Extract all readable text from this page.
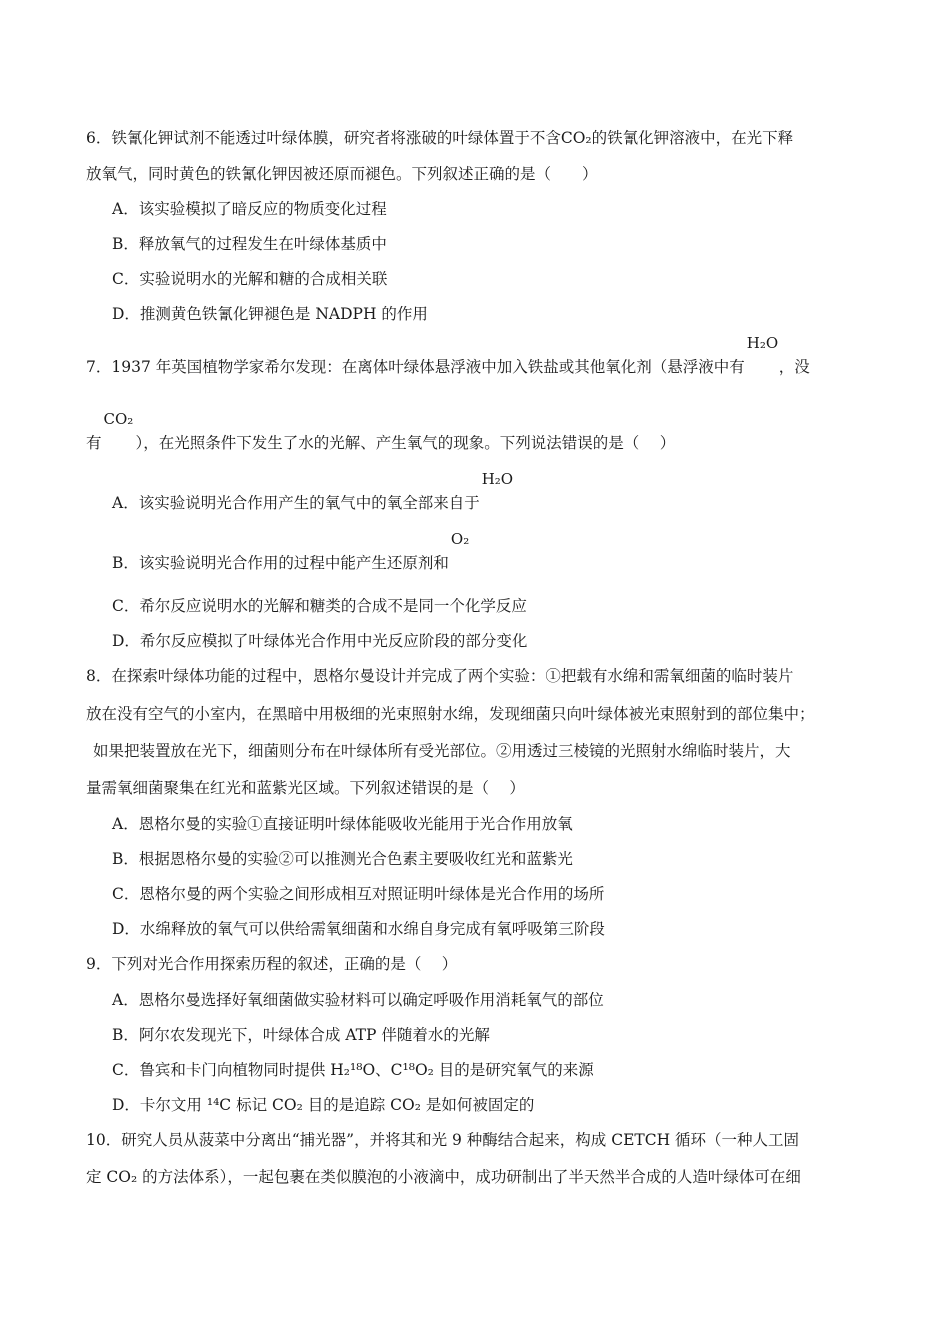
6．铁氰化钾试剂不能透过叶绿体膜，研究者将涨破的叶绿体置于不含CO₂的铁氰化钾溶液中，在光下释
放氧气，同时黄色的铁氰化钾因被还原而褪色。下列叙述正确的是（　　）
A．该实验模拟了暗反应的物质变化过程
B．释放氧气的过程发生在叶绿体基质中
C．实验说明水的光解和糖的合成相关联
D．推测黄色铁氰化钾褪色是 NADPH 的作用
7．1937 年英国植物学家希尔发现：在离体叶绿体悬浮液中加入铁盐或其他氧化剂（悬浮液中有
H₂O
，没
有
CO₂
），在光照条件下发生了水的光解、产生氧气的现象。下列说法错误的是（　 ）
A．该实验说明光合作用产生的氧气中的氧全部来自于
H₂O
B．该实验说明光合作用的过程中能产生还原剂和
O₂
C．希尔反应说明水的光解和糖类的合成不是同一个化学反应
D．希尔反应模拟了叶绿体光合作用中光反应阶段的部分变化
8．在探索叶绿体功能的过程中，恩格尔曼设计并完成了两个实验：①把载有水绵和需氧细菌的临时装片
放在没有空气的小室内，在黑暗中用极细的光束照射水绵，发现细菌只向叶绿体被光束照射到的部位集中；
如果把装置放在光下，细菌则分布在叶绿体所有受光部位。②用透过三棱镜的光照射水绵临时装片，大
量需氧细菌聚集在红光和蓝紫光区域。下列叙述错误的是（　 ）
A．恩格尔曼的实验①直接证明叶绿体能吸收光能用于光合作用放氧
B．根据恩格尔曼的实验②可以推测光合色素主要吸收红光和蓝紫光
C．恩格尔曼的两个实验之间形成相互对照证明叶绿体是光合作用的场所
D．水绵释放的氧气可以供给需氧细菌和水绵自身完成有氧呼吸第三阶段
9．下列对光合作用探索历程的叙述，正确的是（　 ）
A．恩格尔曼选择好氧细菌做实验材料可以确定呼吸作用消耗氧气的部位
B．阿尔农发现光下，叶绿体合成 ATP 伴随着水的光解
C．鲁宾和卡门向植物同时提供 H₂¹⁸O、C¹⁸O₂ 目的是研究氧气的来源
D．卡尔文用 ¹⁴C 标记 CO₂ 目的是追踪 CO₂ 是如何被固定的
10．研究人员从菠菜中分离出“捕光器”，并将其和光 9 种酶结合起来，构成 CETCH 循环（一种人工固
定 CO₂ 的方法体系），一起包裹在类似膜泡的小液滴中，成功研制出了半天然半合成的人造叶绿体可在细
